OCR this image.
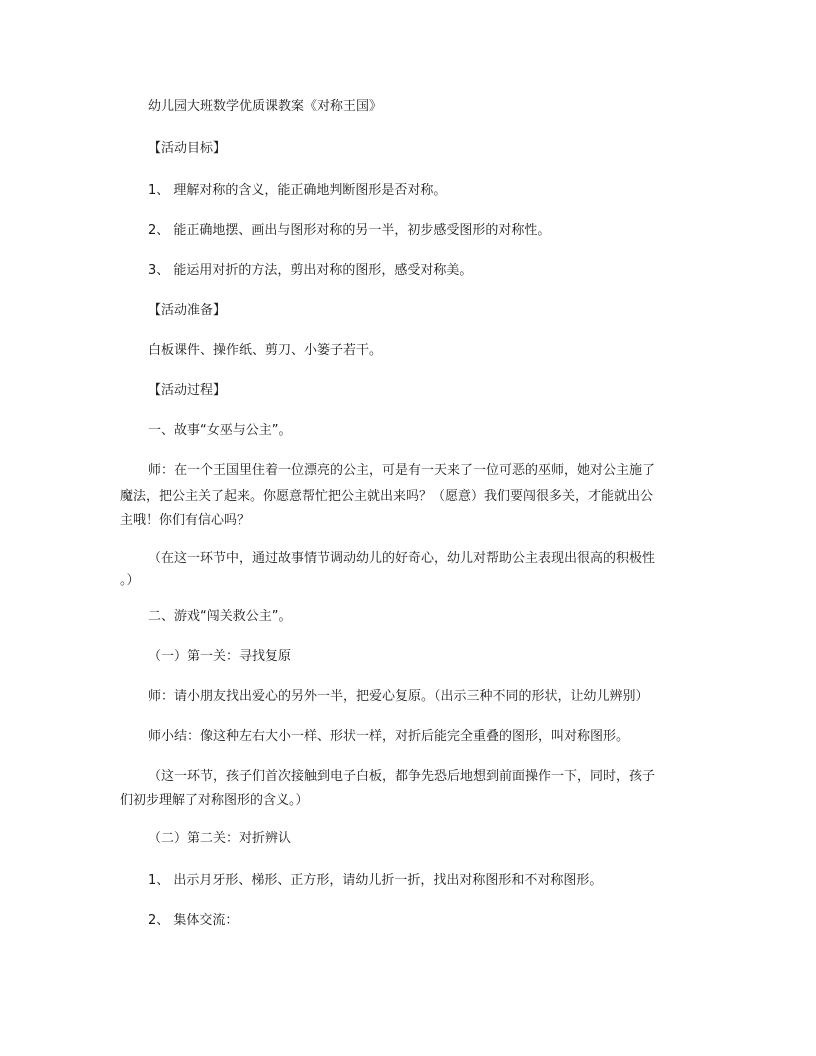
幼儿园大班数学优质课教案《对称王国》
【活动目标】
1、 理解对称的含义，能正确地判断图形是否对称。
2、 能正确地摆、画出与图形对称的另一半，初步感受图形的对称性。
3、 能运用对折的方法，剪出对称的图形，感受对称美。
【活动准备】
白板课件、操作纸、剪刀、小篓子若干。
【活动过程】
一、故事“女巫与公主”。
师：在一个王国里住着一位漂亮的公主，可是有一天来了一位可恶的巫师，她对公主施了
魔法，把公主关了起来。你愿意帮忙把公主就出来吗？（愿意）我们要闯很多关，才能就出公
主哦！你们有信心吗？
（在这一环节中，通过故事情节调动幼儿的好奇心，幼儿对帮助公主表现出很高的积极性
。）
二、游戏“闯关救公主”。
（一）第一关：寻找复原
师：请小朋友找出爱心的另外一半，把爱心复原。（出示三种不同的形状，让幼儿辨别）
师小结：像这种左右大小一样、形状一样，对折后能完全重叠的图形，叫对称图形。
（这一环节，孩子们首次接触到电子白板，都争先恐后地想到前面操作一下，同时，孩子
们初步理解了对称图形的含义。）
（二）第二关：对折辨认
1、 出示月牙形、梯形、正方形，请幼儿折一折，找出对称图形和不对称图形。
2、 集体交流：
